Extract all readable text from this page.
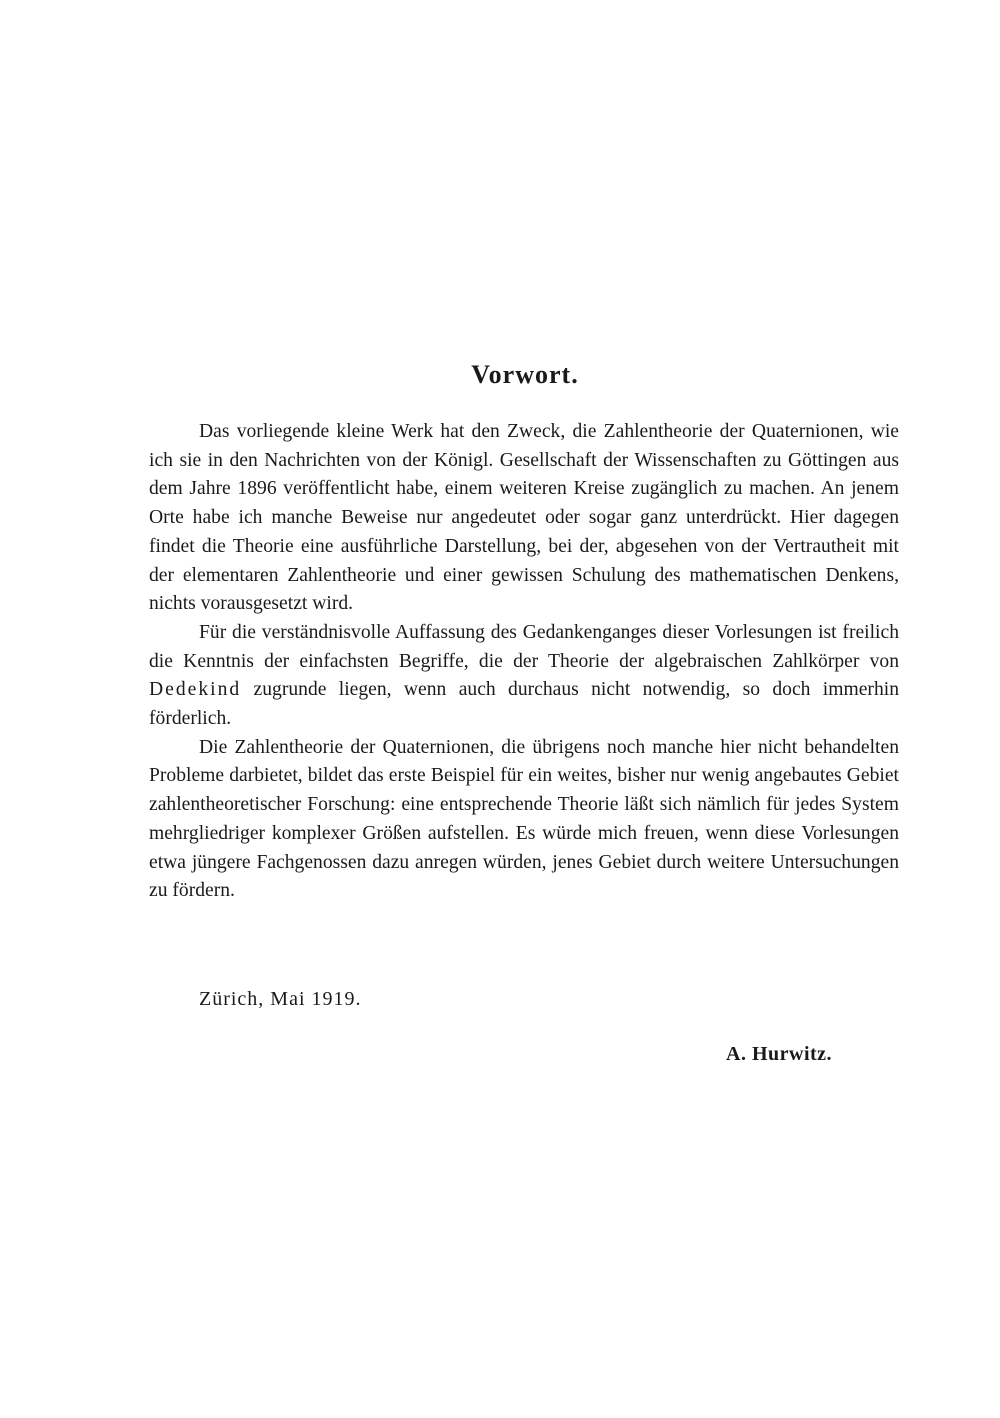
Vorwort.

Das vorliegende kleine Werk hat den Zweck, die Zahlentheorie der Quaternionen, wie ich sie in den Nachrichten von der Königl. Gesellschaft der Wissenschaften zu Göttingen aus dem Jahre 1896 veröffentlicht habe, einem weiteren Kreise zugänglich zu machen. An jenem Orte habe ich manche Beweise nur angedeutet oder sogar ganz unterdrückt. Hier dagegen findet die Theorie eine ausführliche Darstellung, bei der, abgesehen von der Vertrautheit mit der elementaren Zahlentheorie und einer gewissen Schulung des mathematischen Denkens, nichts vorausgesetzt wird.

Für die verständnisvolle Auffassung des Gedankenganges dieser Vorlesungen ist freilich die Kenntnis der einfachsten Begriffe, die der Theorie der algebraischen Zahlkörper von Dedekind zugrunde liegen, wenn auch durchaus nicht notwendig, so doch immerhin förderlich.

Die Zahlentheorie der Quaternionen, die übrigens noch manche hier nicht behandelten Probleme darbietet, bildet das erste Beispiel für ein weites, bisher nur wenig angebautes Gebiet zahlentheoretischer Forschung: eine entsprechende Theorie läßt sich nämlich für jedes System mehrgliedriger komplexer Größen aufstellen. Es würde mich freuen, wenn diese Vorlesungen etwa jüngere Fachgenossen dazu anregen würden, jenes Gebiet durch weitere Untersuchungen zu fördern.

Zürich, Mai 1919.

A. Hurwitz.
